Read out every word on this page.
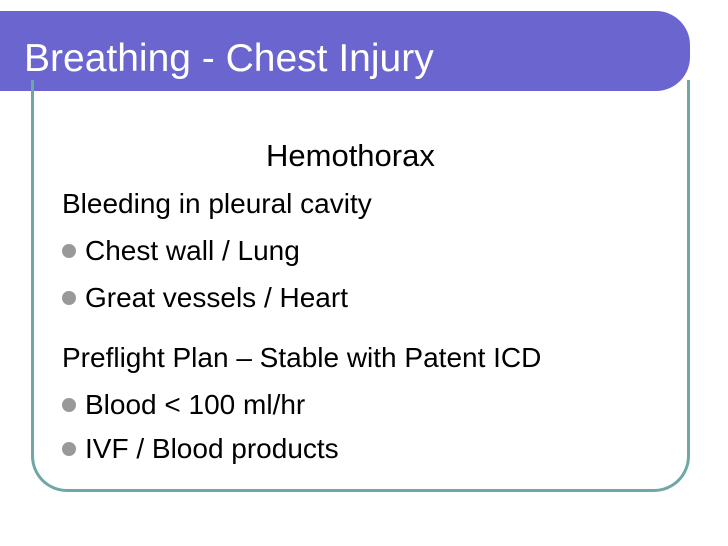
Breathing - Chest Injury
Hemothorax
Bleeding in pleural cavity
Chest wall / Lung
Great vessels / Heart
Preflight Plan – Stable with Patent ICD
Blood < 100 ml/hr
IVF / Blood products
